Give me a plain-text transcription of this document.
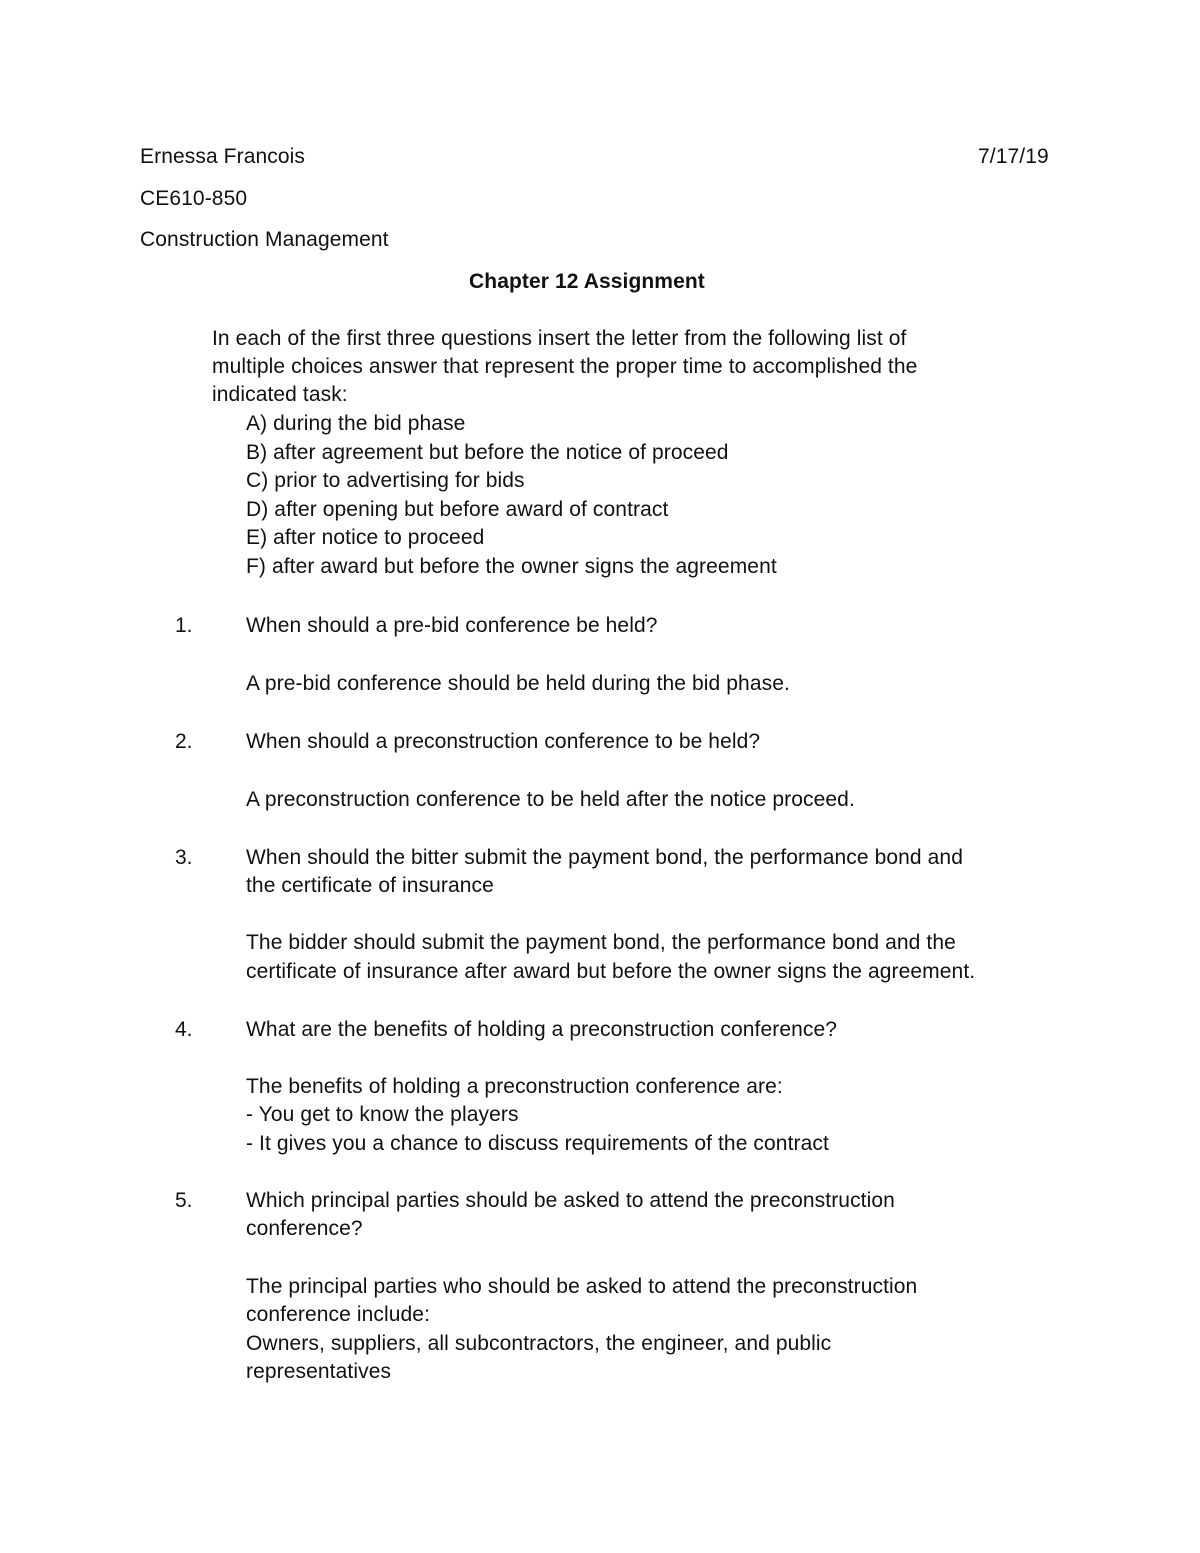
Ernessa Francois	7/17/19
CE610-850
Construction Management
Chapter 12 Assignment
In each of the first three questions insert the letter from the following list of
multiple choices answer that represent the proper time to accomplished the
indicated task:
A) during the bid phase
B) after agreement but before the notice of proceed
C) prior to advertising for bids
D) after opening but before award of contract
E) after notice to proceed
F) after award but before the owner signs the agreement
1.	When should a pre-bid conference be held?
A pre-bid conference should be held during the bid phase.
2.	When should a preconstruction conference to be held?
A preconstruction conference to be held after the notice proceed.
3.	When should the bitter submit the payment bond, the performance bond and
the certificate of insurance
The bidder should submit the payment bond, the performance bond and the
certificate of insurance after award but before the owner signs the agreement.
4.	What are the benefits of holding a preconstruction conference?
The benefits of holding a preconstruction conference are:
- You get to know the players
- It gives you a chance to discuss requirements of the contract
5.	Which principal parties should be asked to attend the preconstruction
conference?
The principal parties who should be asked to attend the preconstruction
conference include:
Owners, suppliers, all subcontractors, the engineer, and public
representatives
